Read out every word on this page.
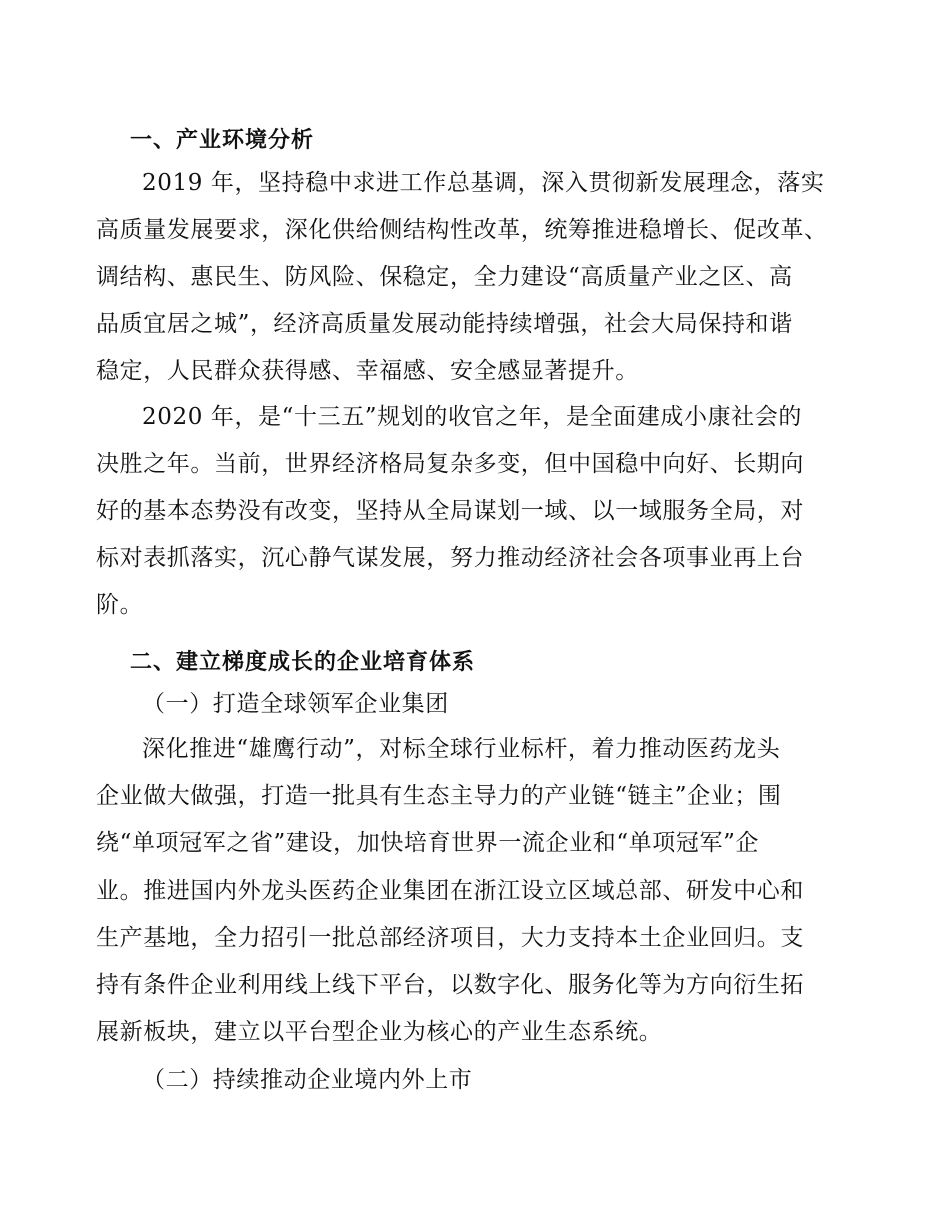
一、产业环境分析
2019 年，坚持稳中求进工作总基调，深入贯彻新发展理念，落实
高质量发展要求，深化供给侧结构性改革，统筹推进稳增长、促改革、
调结构、惠民生、防风险、保稳定，全力建设“高质量产业之区、高
品质宜居之城”，经济高质量发展动能持续增强，社会大局保持和谐
稳定，人民群众获得感、幸福感、安全感显著提升。
2020 年，是“十三五”规划的收官之年，是全面建成小康社会的
决胜之年。当前，世界经济格局复杂多变，但中国稳中向好、长期向
好的基本态势没有改变，坚持从全局谋划一域、以一域服务全局，对
标对表抓落实，沉心静气谋发展，努力推动经济社会各项事业再上台
阶。
二、建立梯度成长的企业培育体系
（一）打造全球领军企业集团
深化推进“雄鹰行动”，对标全球行业标杆，着力推动医药龙头
企业做大做强，打造一批具有生态主导力的产业链“链主”企业；围
绕“单项冠军之省”建设，加快培育世界一流企业和“单项冠军”企
业。推进国内外龙头医药企业集团在浙江设立区域总部、研发中心和
生产基地，全力招引一批总部经济项目，大力支持本土企业回归。支
持有条件企业利用线上线下平台，以数字化、服务化等为方向衍生拓
展新板块，建立以平台型企业为核心的产业生态系统。
（二）持续推动企业境内外上市
